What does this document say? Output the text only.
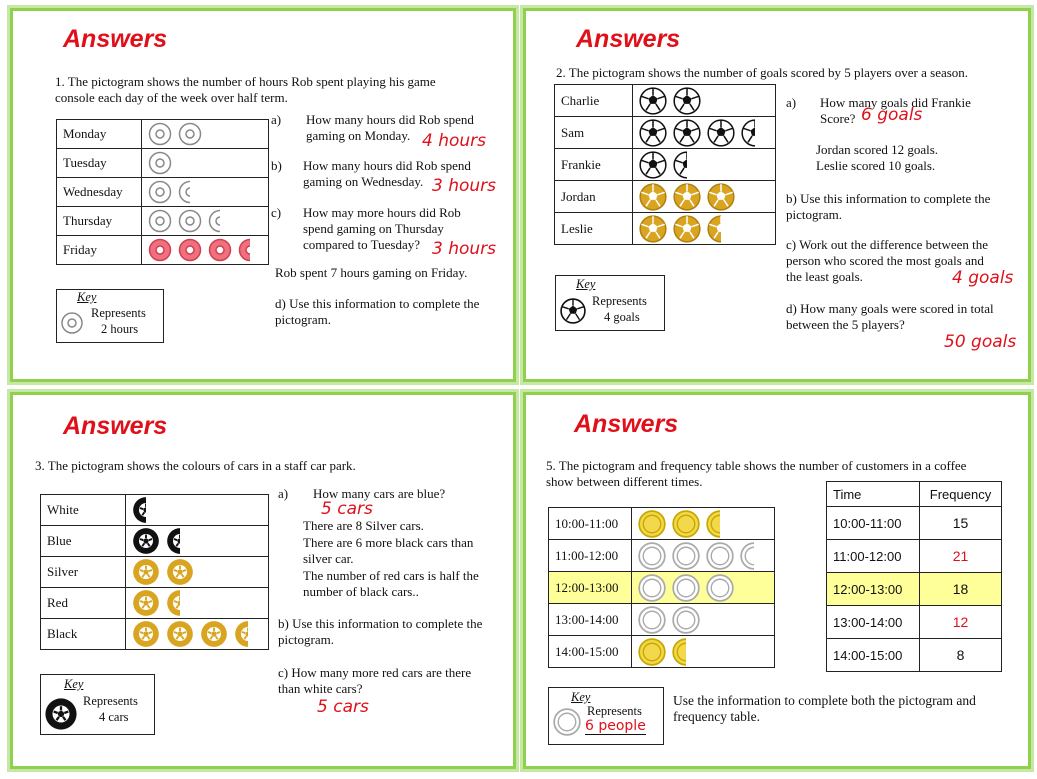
Answers
1. The pictogram shows the number of hours Rob spent playing his game console each day of the week over half term.
Monday	

Tuesday	

Wednesday	

Thursday	

Friday	
a) How many hours did Rob spend gaming on Monday. 4 hours
b) How many hours did Rob spend gaming on Wednesday. 3 hours
c) How may more hours did Rob spend gaming on Thursday compared to Tuesday? 3 hours
Rob spent 7 hours gaming on Friday.
d) Use this information to complete the pictogram.
Key
Represents
2 hours
Answers
2. The pictogram shows the number of goals scored by 5 players over a season.
Charlie	

Sam	

Frankie	

Jordan	

Leslie	
a) How many goals did Frankie Score? 6 goals
Jordan scored 12 goals.
Leslie scored 10 goals.
b) Use this information to complete the pictogram.
c) Work out the difference between the person who scored the most goals and the least goals.	4 goals
d) How many goals were scored in total between the 5 players?
50 goals
Key
Represents
4 goals
Answers
3. The pictogram shows the colours of cars in a staff car park.
White	

Blue	

Silver	

Red	

Black	
a) How many cars are blue?
5 cars
There are 8 Silver cars.
There are 6 more black cars than silver car.
The number of red cars is half the number of black cars..
b) Use this information to complete the pictogram.
c) How many more red cars are there than white cars?
5 cars
Key
Represents
4 cars
Answers
5. The pictogram and frequency table shows the number of customers in a coffee show between different times.
10:00-11:00	

11:00-12:00	

12:00-13:00	

13:00-14:00	

14:00-15:00	
Time	Frequency
10:00-11:00	15
11:00-12:00	21
12:00-13:00	18
13:00-14:00	12
14:00-15:00	8
Key
Represents
6 people
Use the information to complete both the pictogram and frequency table.
